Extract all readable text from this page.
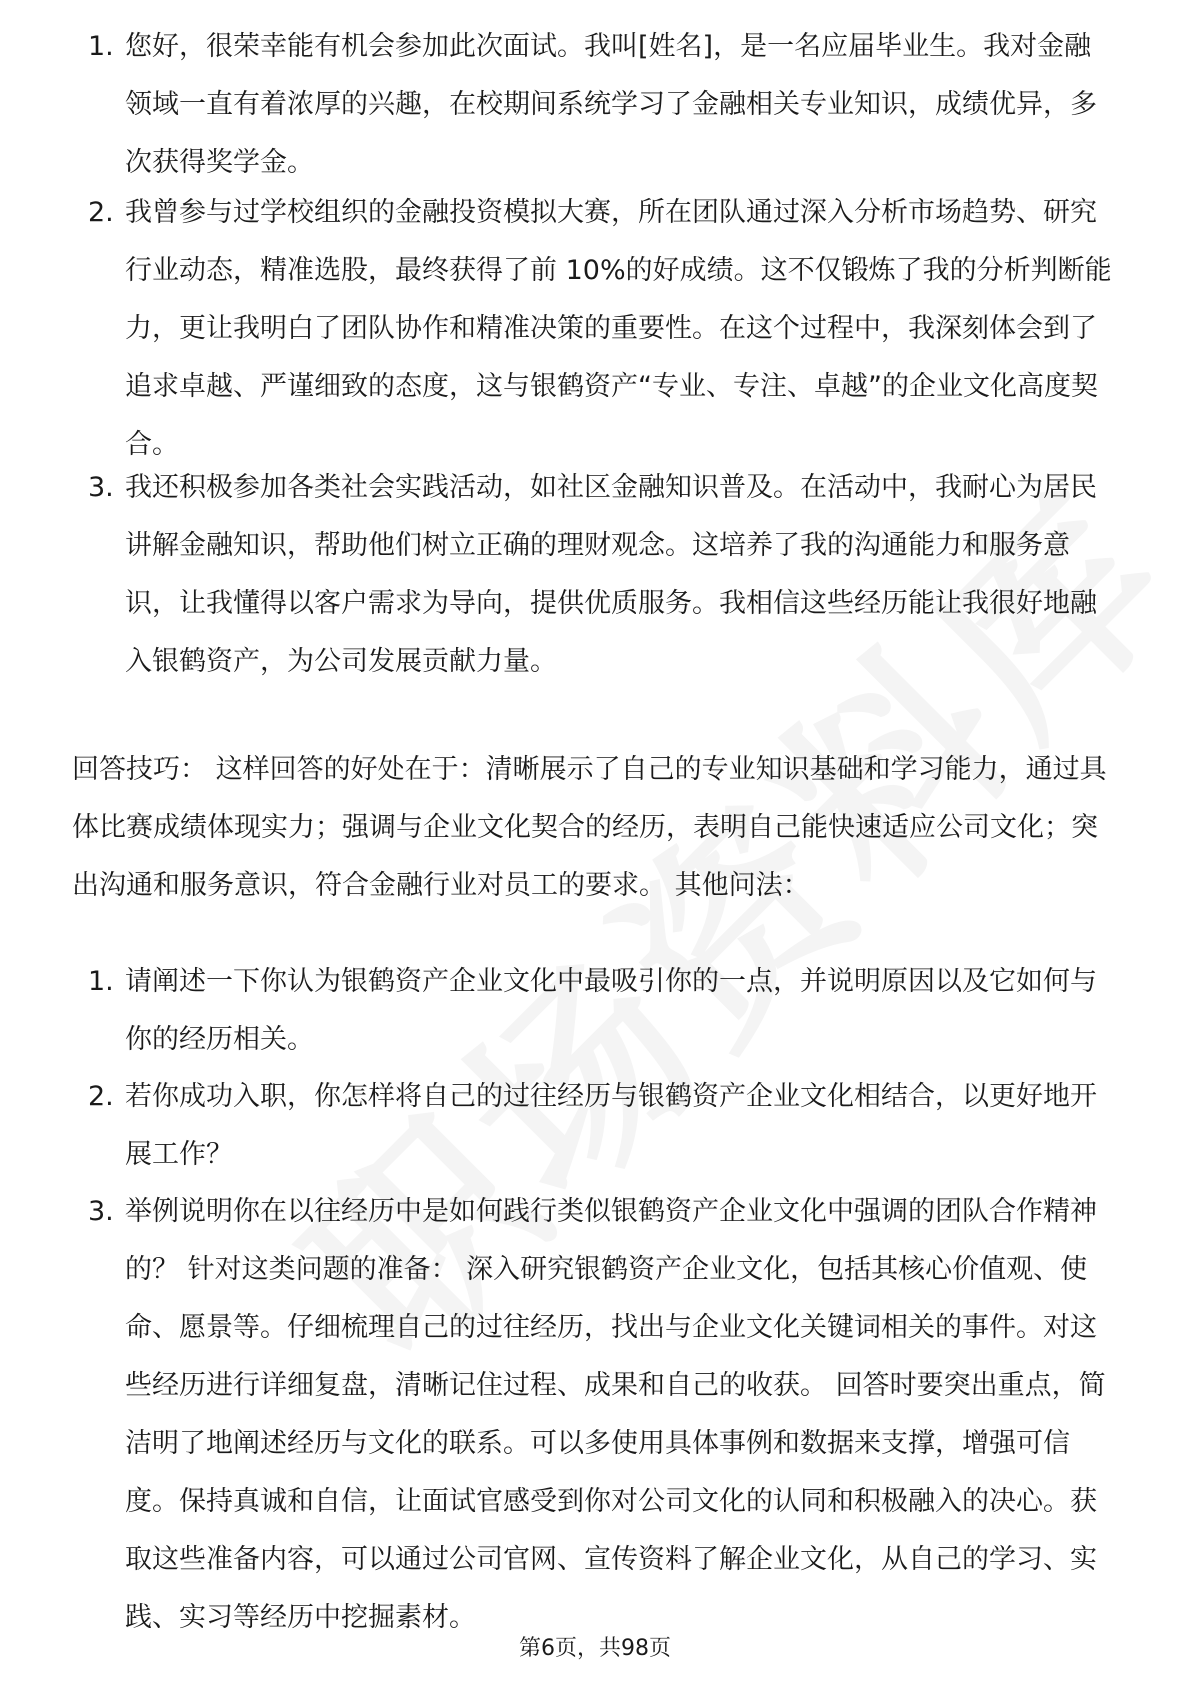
1. 您好，很荣幸能有机会参加此次面试。我叫[姓名]，是一名应届毕业生。我对金融领域一直有着浓厚的兴趣，在校期间系统学习了金融相关专业知识，成绩优异，多次获得奖学金。
2. 我曾参与过学校组织的金融投资模拟大赛，所在团队通过深入分析市场趋势、研究行业动态，精准选股，最终获得了前 10%的好成绩。这不仅锻炼了我的分析判断能力，更让我明白了团队协作和精准决策的重要性。在这个过程中，我深刻体会到了追求卓越、严谨细致的态度，这与银鹤资产“专业、专注、卓越”的企业文化高度契合。
3. 我还积极参加各类社会实践活动，如社区金融知识普及。在活动中，我耐心为居民讲解金融知识，帮助他们树立正确的理财观念。这培养了我的沟通能力和服务意识，让我懂得以客户需求为导向，提供优质服务。我相信这些经历能让我很好地融入银鹤资产，为公司发展贡献力量。
回答技巧： 这样回答的好处在于：清晰展示了自己的专业知识基础和学习能力，通过具体比赛成绩体现实力；强调与企业文化契合的经历，表明自己能快速适应公司文化；突出沟通和服务意识，符合金融行业对员工的要求。 其他问法：
1. 请阐述一下你认为银鹤资产企业文化中最吸引你的一点，并说明原因以及它如何与你的经历相关。
2. 若你成功入职，你怎样将自己的过往经历与银鹤资产企业文化相结合，以更好地开展工作？
3. 举例说明你在以往经历中是如何践行类似银鹤资产企业文化中强调的团队合作精神的？ 针对这类问题的准备： 深入研究银鹤资产企业文化，包括其核心价值观、使命、愿景等。仔细梳理自己的过往经历，找出与企业文化关键词相关的事件。对这些经历进行详细复盘，清晰记住过程、成果和自己的收获。 回答时要突出重点，简洁明了地阐述经历与文化的联系。可以多使用具体事例和数据来支撑，增强可信度。保持真诚和自信，让面试官感受到你对公司文化的认同和积极融入的决心。获取这些准备内容，可以通过公司官网、宣传资料了解企业文化，从自己的学习、实践、实习等经历中挖掘素材。
第6页，共98页
